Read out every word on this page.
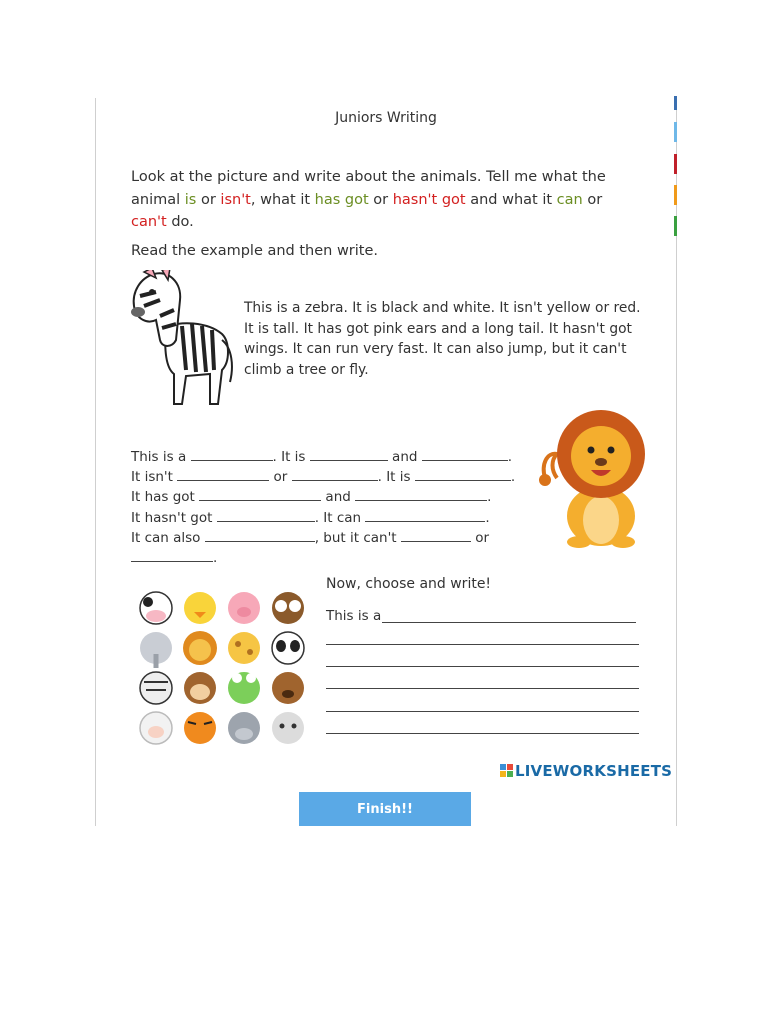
Juniors Writing
Look at the picture and write about the animals. Tell me what the animal is or isn't, what it has got or hasn't got and what it can or can't do.
Read the example and then write.
This is a zebra. It is black and white. It isn't yellow or red. It is tall. It has got pink ears and a long tail. It hasn't got wings. It can run very fast. It can also jump, but it can't climb a tree or fly.
This is a	. It is	and	.
It isn't	or	. It is	.
It has got	and	.
It hasn't got	. It can	.
It can also	, but it can't	or
.
Now, choose and write!
This is a
LIVEWORKSHEETS
Finish!!
